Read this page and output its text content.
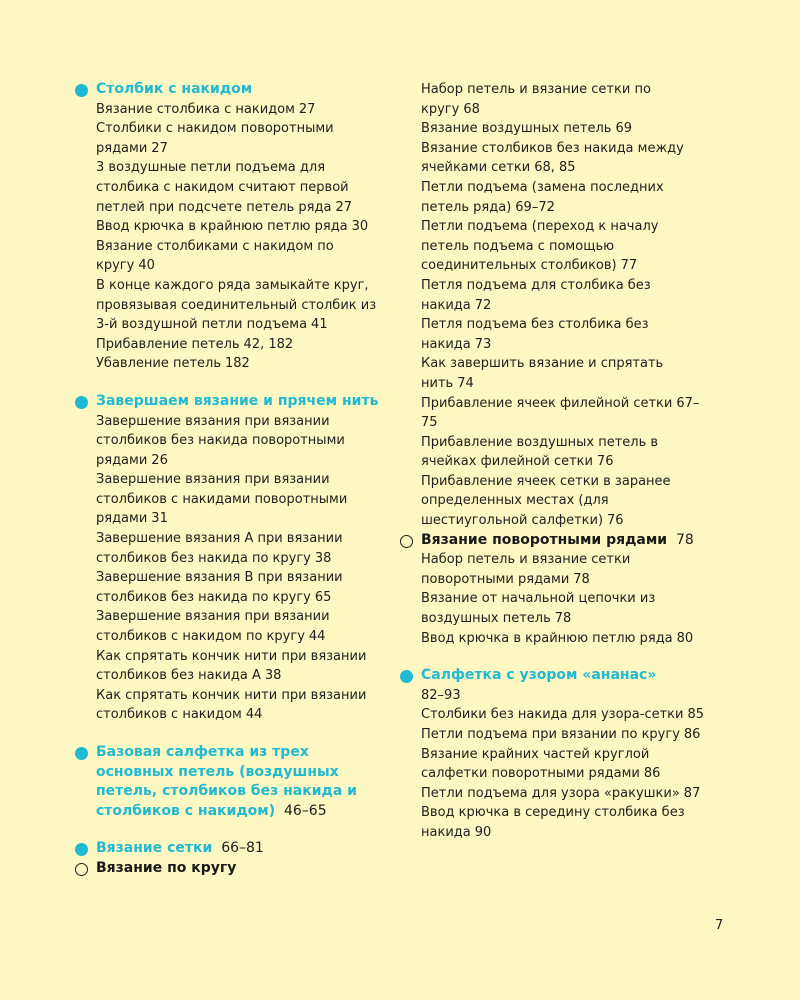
Столбик с накидом
Вязание столбика с накидом 27
Столбики с накидом поворотными рядами 27
3 воздушные петли подъема для столбика с накидом считают первой петлей при подсчете петель ряда 27
Ввод крючка в крайнюю петлю ряда 30
Вязание столбиками с накидом по кругу 40
В конце каждого ряда замыкайте круг, провязывая соединительный столбик из 3-й воздушной петли подъема 41
Прибавление петель 42, 182
Убавление петель 182
Завершаем вязание и прячем нить
Завершение вязания при вязании столбиков без накида поворотными рядами 26
Завершение вязания при вязании столбиков с накидами поворотными рядами 31
Завершение вязания А при вязании столбиков без накида по кругу 38
Завершение вязания В при вязании столбиков без накида по кругу 65
Завершение вязания при вязании столбиков с накидом по кругу 44
Как спрятать кончик нити при вязании столбиков без накида А 38
Как спрятать кончик нити при вязании столбиков с накидом 44
Базовая салфетка из трех основных петель (воздушных петель, столбиков без накида и столбиков с накидом) 46–65
Вязание сетки 66–81
Вязание по кругу
Набор петель и вязание сетки по кругу 68
Вязание воздушных петель 69
Вязание столбиков без накида между ячейками сетки 68, 85
Петли подъема (замена последних петель ряда) 69–72
Петли подъема (переход к началу петель подъема с помощью соединительных столбиков) 77
Петля подъема для столбика без накида 72
Петля подъема без столбика без накида 73
Как завершить вязание и спрятать нить 74
Прибавление ячеек филейной сетки 67–75
Прибавление воздушных петель в ячейках филейной сетки 76
Прибавление ячеек сетки в заранее определенных местах (для шестиугольной салфетки) 76
Вязание поворотными рядами 78
Набор петель и вязание сетки поворотными рядами 78
Вязание от начальной цепочки из воздушных петель 78
Ввод крючка в крайнюю петлю ряда 80
Салфетка с узором «ананас»
82–93
Столбики без накида для узора-сетки 85
Петли подъема при вязании по кругу 86
Вязание крайних частей круглой салфетки поворотными рядами 86
Петли подъема для узора «ракушки» 87
Ввод крючка в середину столбика без накида 90
7
